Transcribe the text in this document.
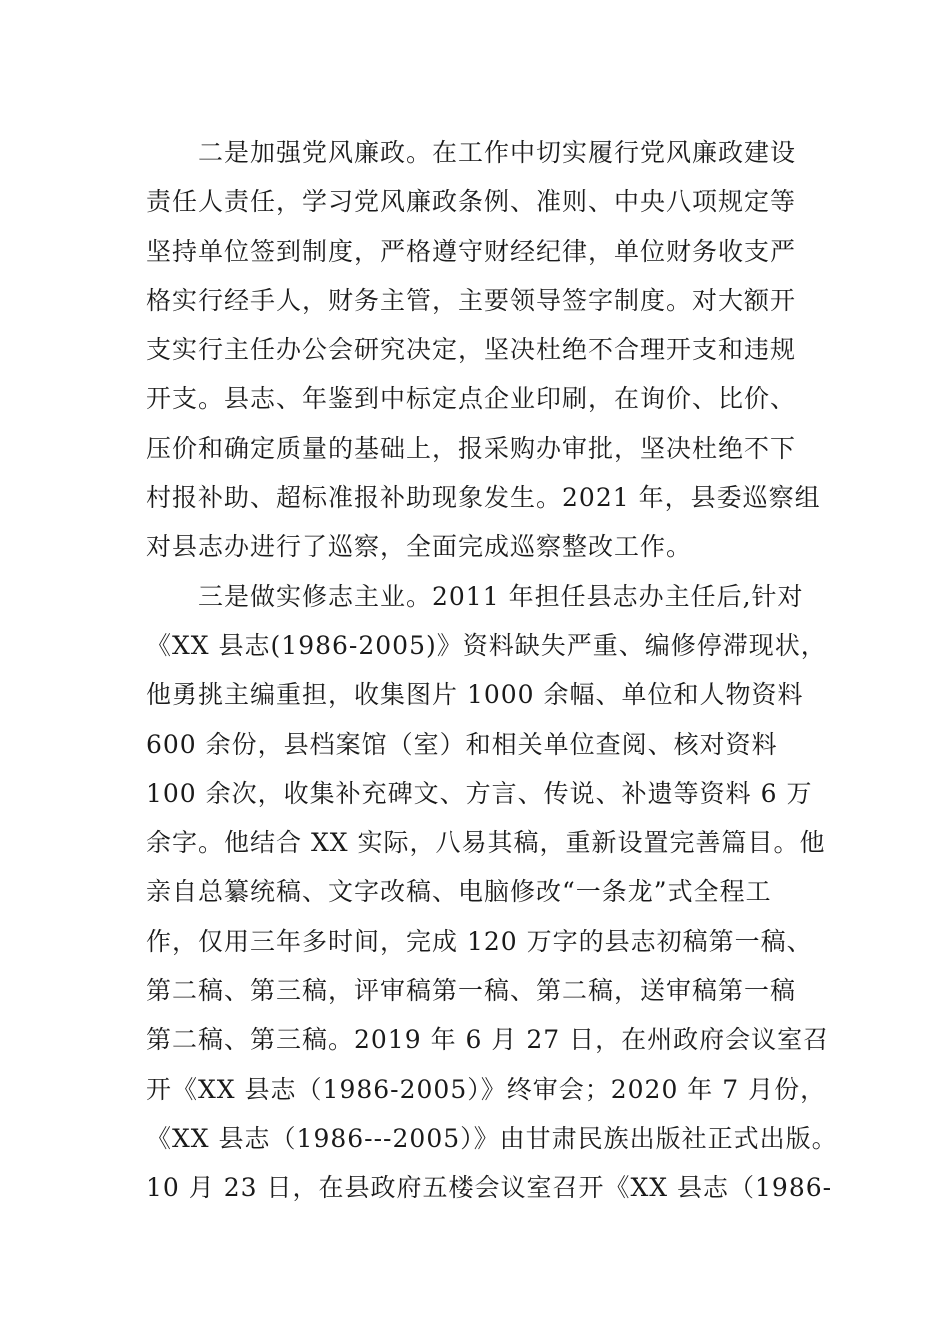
二是加强党风廉政。在工作中切实履行党风廉政建设
责任人责任，学习党风廉政条例、准则、中央八项规定等
坚持单位签到制度，严格遵守财经纪律，单位财务收支严
格实行经手人，财务主管，主要领导签字制度。对大额开
支实行主任办公会研究决定，坚决杜绝不合理开支和违规
开支。县志、年鉴到中标定点企业印刷，在询价、比价、
压价和确定质量的基础上，报采购办审批，坚决杜绝不下
村报补助、超标准报补助现象发生。2021 年，县委巡察组
对县志办进行了巡察，全面完成巡察整改工作。
三是做实修志主业。2011 年担任县志办主任后,针对
《XX 县志(1986-2005)》资料缺失严重、编修停滞现状，
他勇挑主编重担，收集图片 1000 余幅、单位和人物资料
600 余份，县档案馆（室）和相关单位查阅、核对资料
100 余次，收集补充碑文、方言、传说、补遗等资料 6 万
余字。他结合 XX 实际，八易其稿，重新设置完善篇目。他
亲自总纂统稿、文字改稿、电脑修改“一条龙”式全程工
作，仅用三年多时间，完成 120 万字的县志初稿第一稿、
第二稿、第三稿，评审稿第一稿、第二稿，送审稿第一稿
第二稿、第三稿。2019 年 6 月 27 日，在州政府会议室召
开《XX 县志（1986-2005）》终审会；2020 年 7 月份，
《XX 县志（1986---2005）》由甘肃民族出版社正式出版。
10 月 23 日，在县政府五楼会议室召开《XX 县志（1986-
